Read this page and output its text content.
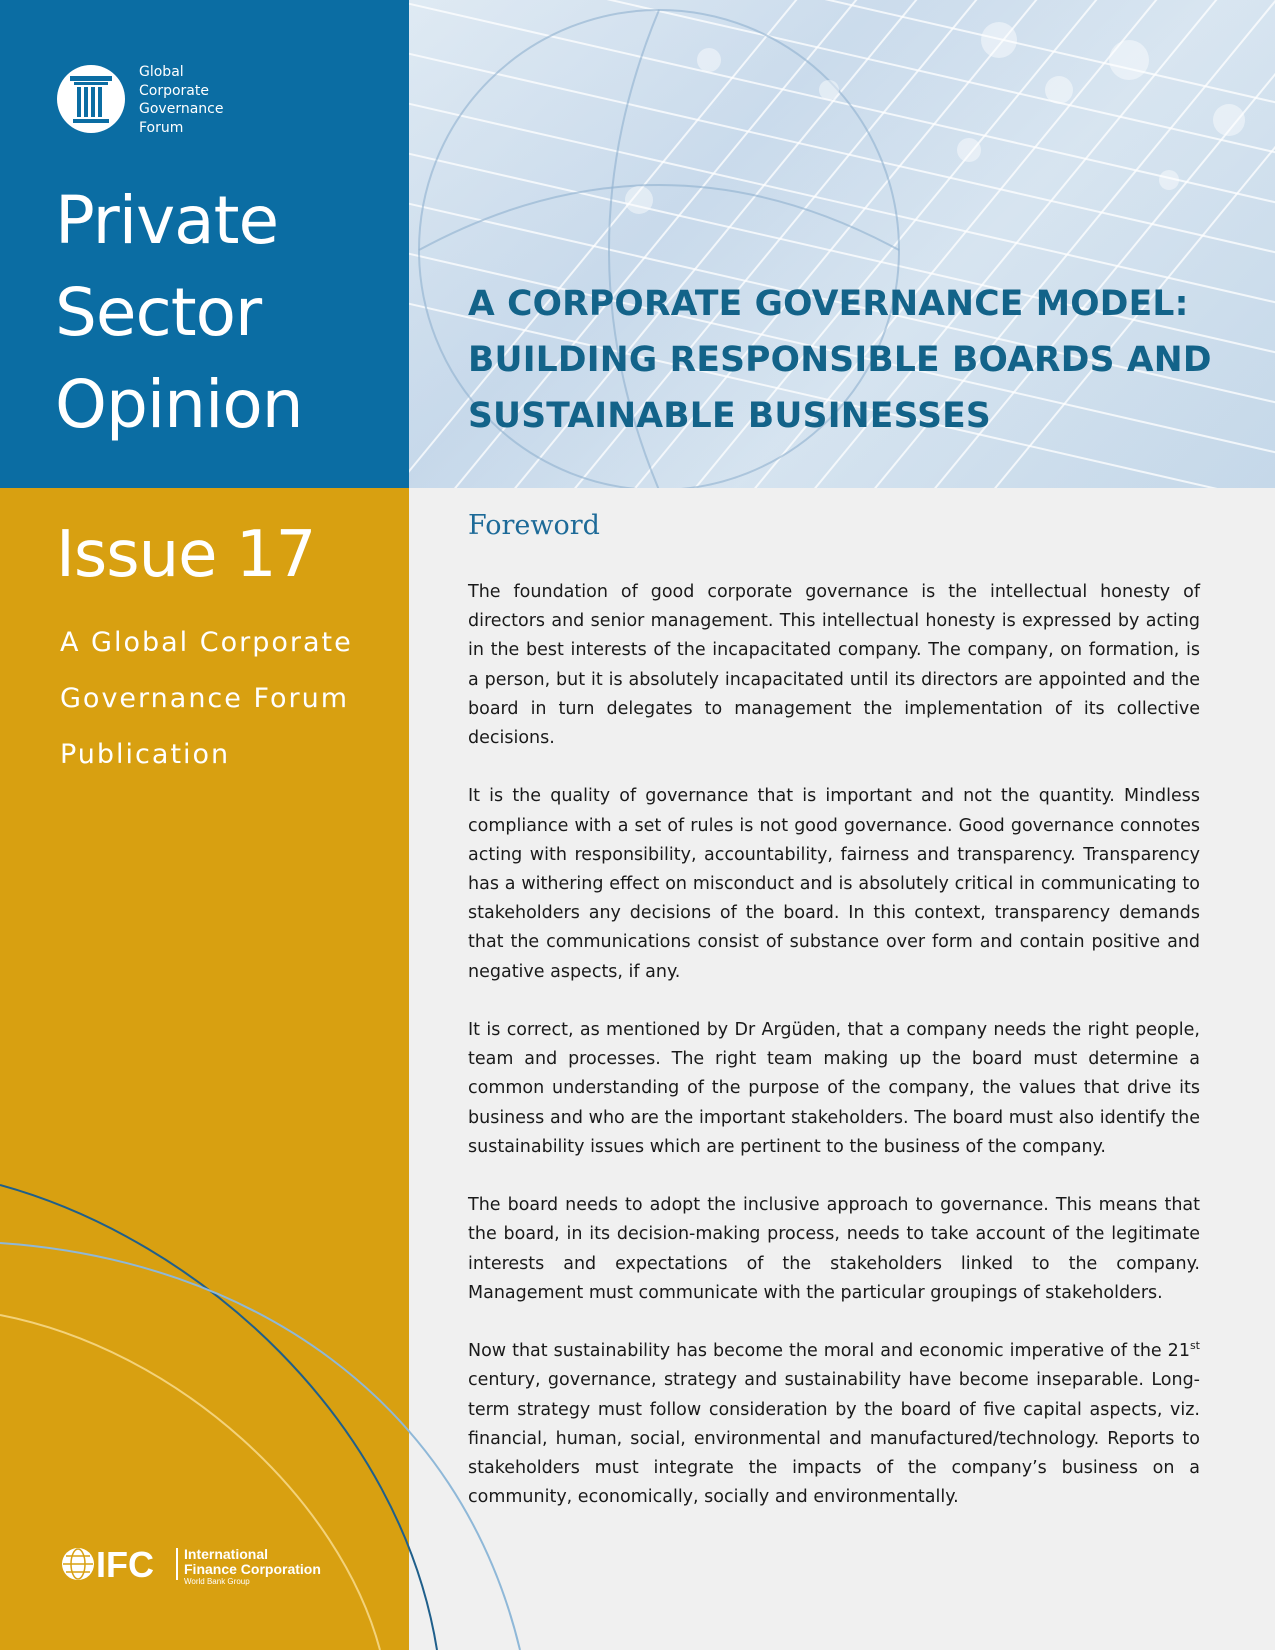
Global
Corporate
Governance
Forum
Private
Sector
Opinion
Issue 17
A Global Corporate
Governance Forum
Publication
IFC International
Finance Corporation
World Bank Group
A CORPORATE GOVERNANCE MODEL:
BUILDING RESPONSIBLE BOARDS AND
SUSTAINABLE BUSINESSES
Foreword

The foundation of good corporate governance is the intellectual honesty of directors and senior management. This intellectual honesty is expressed by acting in the best interests of the incapacitated company. The company, on formation, is a person, but it is absolutely incapacitated until its directors are appointed and the board in turn delegates to management the implementation of its collective decisions.

It is the quality of governance that is important and not the quantity. Mindless compliance with a set of rules is not good governance. Good governance connotes acting with responsibility, accountability, fairness and transparency. Transparency has a withering effect on misconduct and is absolutely critical in communicating to stakeholders any decisions of the board. In this context, transparency demands that the communications consist of substance over form and contain positive and negative aspects, if any.

It is correct, as mentioned by Dr Argüden, that a company needs the right people, team and processes. The right team making up the board must determine a common understanding of the purpose of the company, the values that drive its business and who are the important stakeholders. The board must also identify the sustainability issues which are pertinent to the business of the company.

The board needs to adopt the inclusive approach to governance. This means that the board, in its decision-making process, needs to take account of the legitimate interests and expectations of the stakeholders linked to the company. Management must communicate with the particular groupings of stakeholders.

Now that sustainability has become the moral and economic imperative of the 21st century, governance, strategy and sustainability have become inseparable. Long-term strategy must follow consideration by the board of five capital aspects, viz. financial, human, social, environmental and manufactured/technology. Reports to stakeholders must integrate the impacts of the company’s business on a community, economically, socially and environmentally.
